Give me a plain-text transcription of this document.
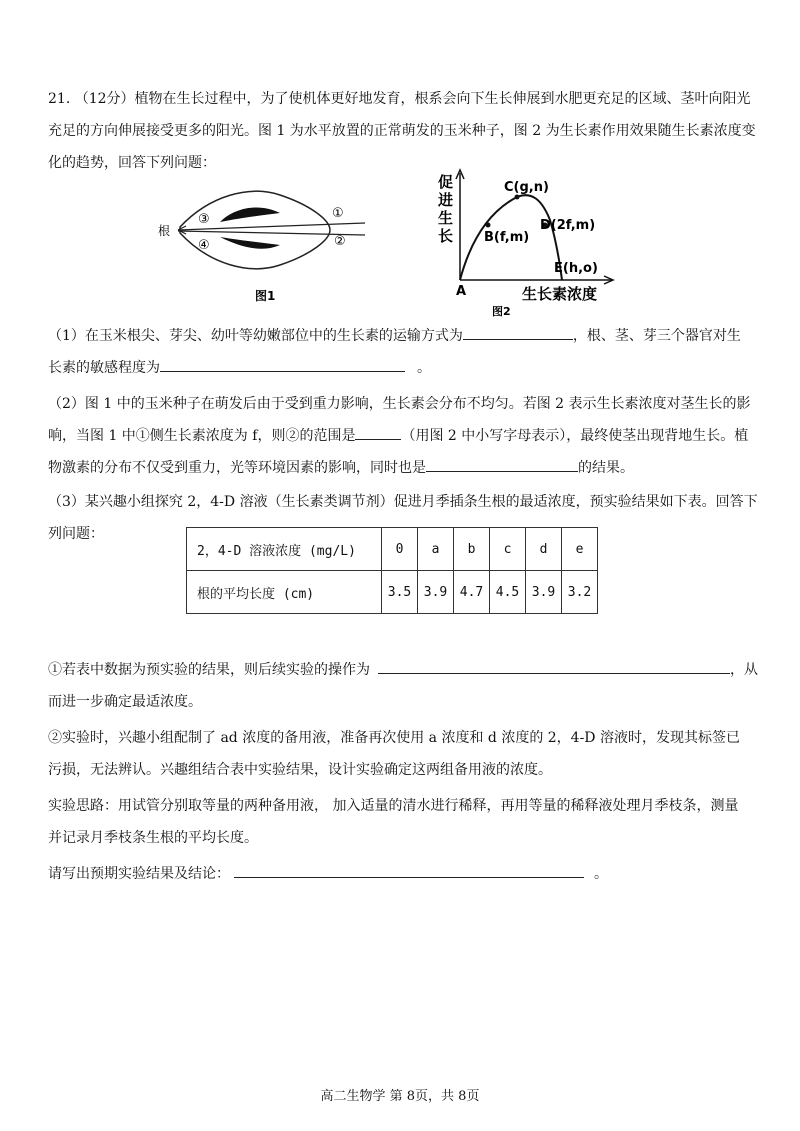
21. （12分）植物在生长过程中，为了使机体更好地发育，根系会向下生长伸展到水肥更充足的区域、茎叶向阳光
充足的方向伸展接受更多的阳光。图 1 为水平放置的正常萌发的玉米种子，图 2 为生长素作用效果随生长素浓度变
化的趋势，回答下列问题：
根
③
④
①
②
图1
促
进
生
长
C(g,n)
B(f,m)
D(2f,m)
E(h,o)
A	生长素浓度
图2
（1）在玉米根尖、芽尖、幼叶等幼嫩部位中的生长素的运输方式为	，根、茎、芽三个器官对生
长素的敏感程度为	。
（2）图 1 中的玉米种子在萌发后由于受到重力影响，生长素会分布不均匀。若图 2 表示生长素浓度对茎生长的影
响，当图 1 中①侧生长素浓度为 f，则②的范围是	（用图 2 中小写字母表示），最终使茎出现背地生长。植
物激素的分布不仅受到重力，光等环境因素的影响，同时也是	的结果。
（3）某兴趣小组探究 2，4-D 溶液（生长素类调节剂）促进月季插条生根的最适浓度，预实验结果如下表。回答下
列问题：
2，4-D 溶液浓度 (mg/L)	0	a	b	c	d	e
根的平均长度 (cm)	3.5	3.9	4.7	4.5	3.9	3.2
①若表中数据为预实验的结果，则后续实验的操作为	，从
而进一步确定最适浓度。
②实验时，兴趣小组配制了 ad 浓度的备用液，准备再次使用 a 浓度和 d 浓度的 2，4-D 溶液时，发现其标签已
污损，无法辨认。兴趣组结合表中实验结果，设计实验确定这两组备用液的浓度。
实验思路：用试管分别取等量的两种备用液， 加入适量的清水进行稀释，再用等量的稀释液处理月季枝条，测量
并记录月季枝条生根的平均长度。
请写出预期实验结果及结论：	。
高二生物学 第 8页，共 8页
